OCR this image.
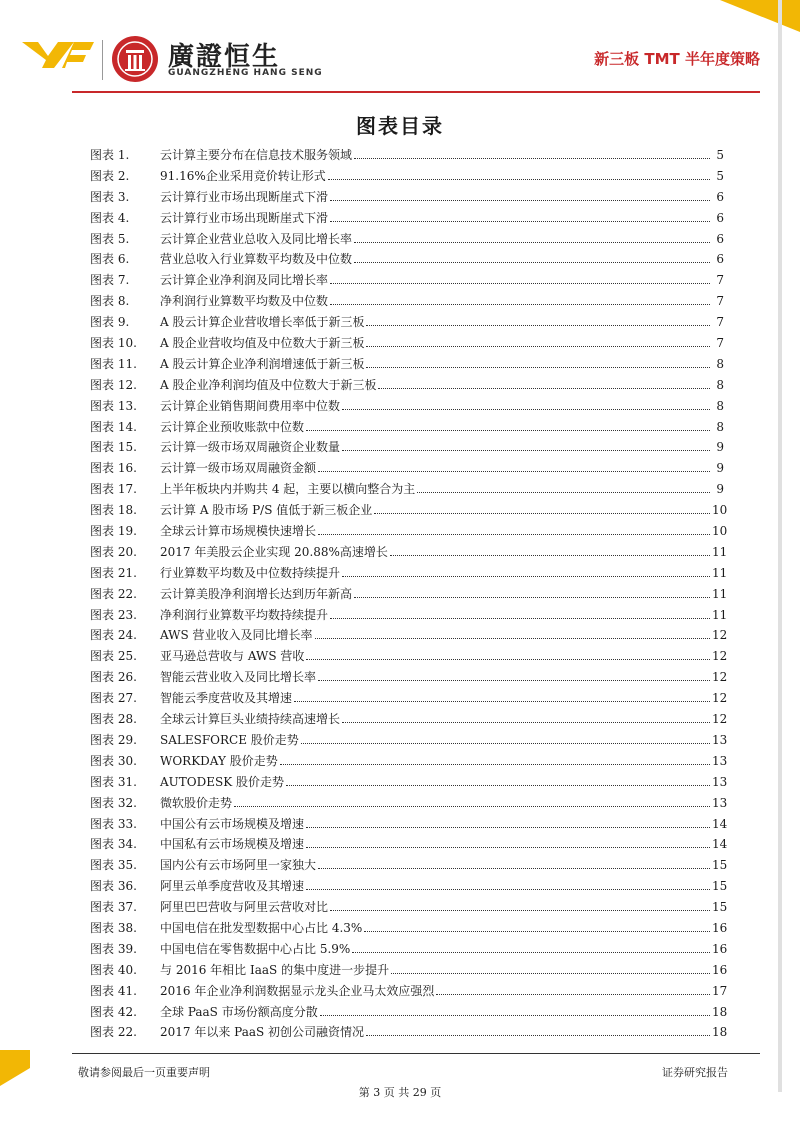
廣證恒生
GUANGZHENG HANG SENG
新三板 TMT 半年度策略
图表目录
图表 1.	云计算主要分布在信息技术服务领域	5
图表 2.	91.16%企业采用竞价转让形式	5
图表 3.	云计算行业市场出现断崖式下滑	6
图表 4.	云计算行业市场出现断崖式下滑	6
图表 5.	云计算企业营业总收入及同比增长率	6
图表 6.	营业总收入行业算数平均数及中位数	6
图表 7.	云计算企业净利润及同比增长率	7
图表 8.	净利润行业算数平均数及中位数	7
图表 9.	A 股云计算企业营收增长率低于新三板	7
图表 10.	A 股企业营收均值及中位数大于新三板	7
图表 11.	A 股云计算企业净利润增速低于新三板	8
图表 12.	A 股企业净利润均值及中位数大于新三板	8
图表 13.	云计算企业销售期间费用率中位数	8
图表 14.	云计算企业预收账款中位数	8
图表 15.	云计算一级市场双周融资企业数量	9
图表 16.	云计算一级市场双周融资金额	9
图表 17.	上半年板块内并购共 4 起，主要以横向整合为主	9
图表 18.	云计算 A 股市场 P/S 值低于新三板企业	10
图表 19.	全球云计算市场规模快速增长	10
图表 20.	2017 年美股云企业实现 20.88%高速增长	11
图表 21.	行业算数平均数及中位数持续提升	11
图表 22.	云计算美股净利润增长达到历年新高	11
图表 23.	净利润行业算数平均数持续提升	11
图表 24.	AWS 营业收入及同比增长率	12
图表 25.	亚马逊总营收与 AWS 营收	12
图表 26.	智能云营业收入及同比增长率	12
图表 27.	智能云季度营收及其增速	12
图表 28.	全球云计算巨头业绩持续高速增长	12
图表 29.	SALESFORCE 股价走势	13
图表 30.	WORKDAY 股价走势	13
图表 31.	AUTODESK 股价走势	13
图表 32.	微软股价走势	13
图表 33.	中国公有云市场规模及增速	14
图表 34.	中国私有云市场规模及增速	14
图表 35.	国内公有云市场阿里一家独大	15
图表 36.	阿里云单季度营收及其增速	15
图表 37.	阿里巴巴营收与阿里云营收对比	15
图表 38.	中国电信在批发型数据中心占比 4.3%	16
图表 39.	中国电信在零售数据中心占比 5.9%	16
图表 40.	与 2016 年相比 IaaS 的集中度进一步提升	16
图表 41.	2016 年企业净利润数据显示龙头企业马太效应强烈	17
图表 42.	全球 PaaS 市场份额高度分散	18
图表 22.	2017 年以来 PaaS 初创公司融资情况	18
敬请参阅最后一页重要声明	证券研究报告
第 3 页 共 29 页
